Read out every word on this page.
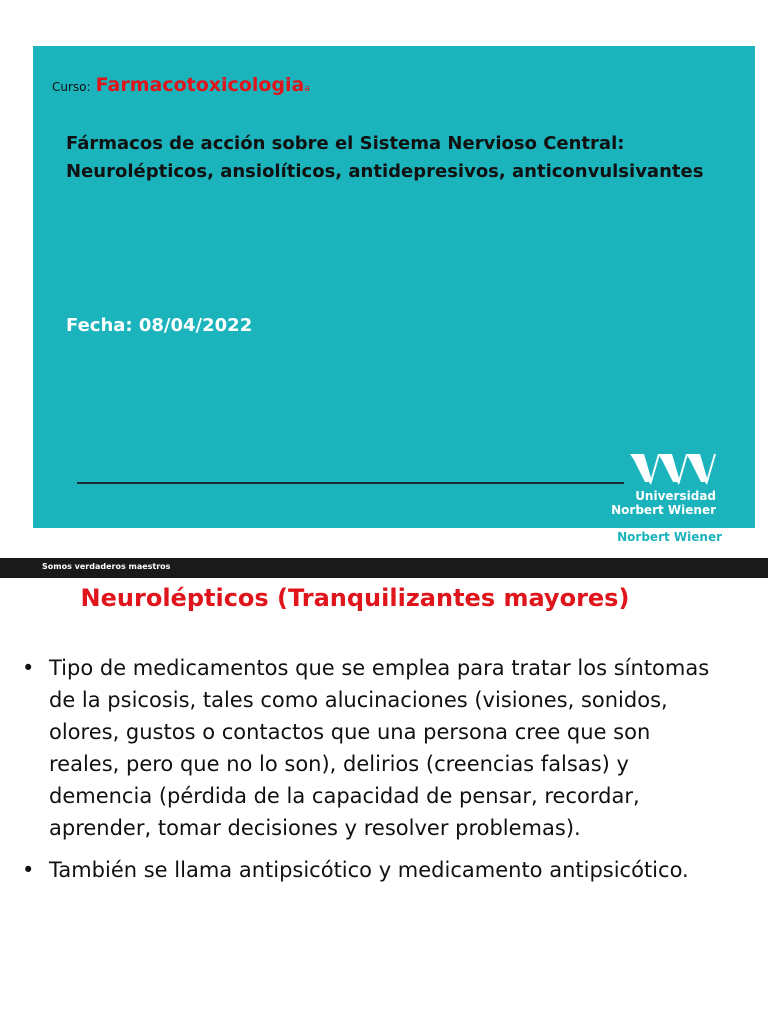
Curso: Farmacotoxicologiaa
Fármacos de acción sobre el Sistema Nervioso Central:
Neurolépticos, ansiolíticos, antidepresivos, anticonvulsivantes
Fecha: 08/04/2022
Universidad
Norbert Wiener
Norbert Wiener
Somos verdaderos maestros
Neurolépticos (Tranquilizantes mayores)
• Tipo de medicamentos que se emplea para tratar los síntomas de la psicosis, tales como alucinaciones (visiones, sonidos, olores, gustos o contactos que una persona cree que son reales, pero que no lo son), delirios (creencias falsas) y demencia (pérdida de la capacidad de pensar, recordar, aprender, tomar decisiones y resolver problemas).
• También se llama antipsicótico y medicamento antipsicótico.
